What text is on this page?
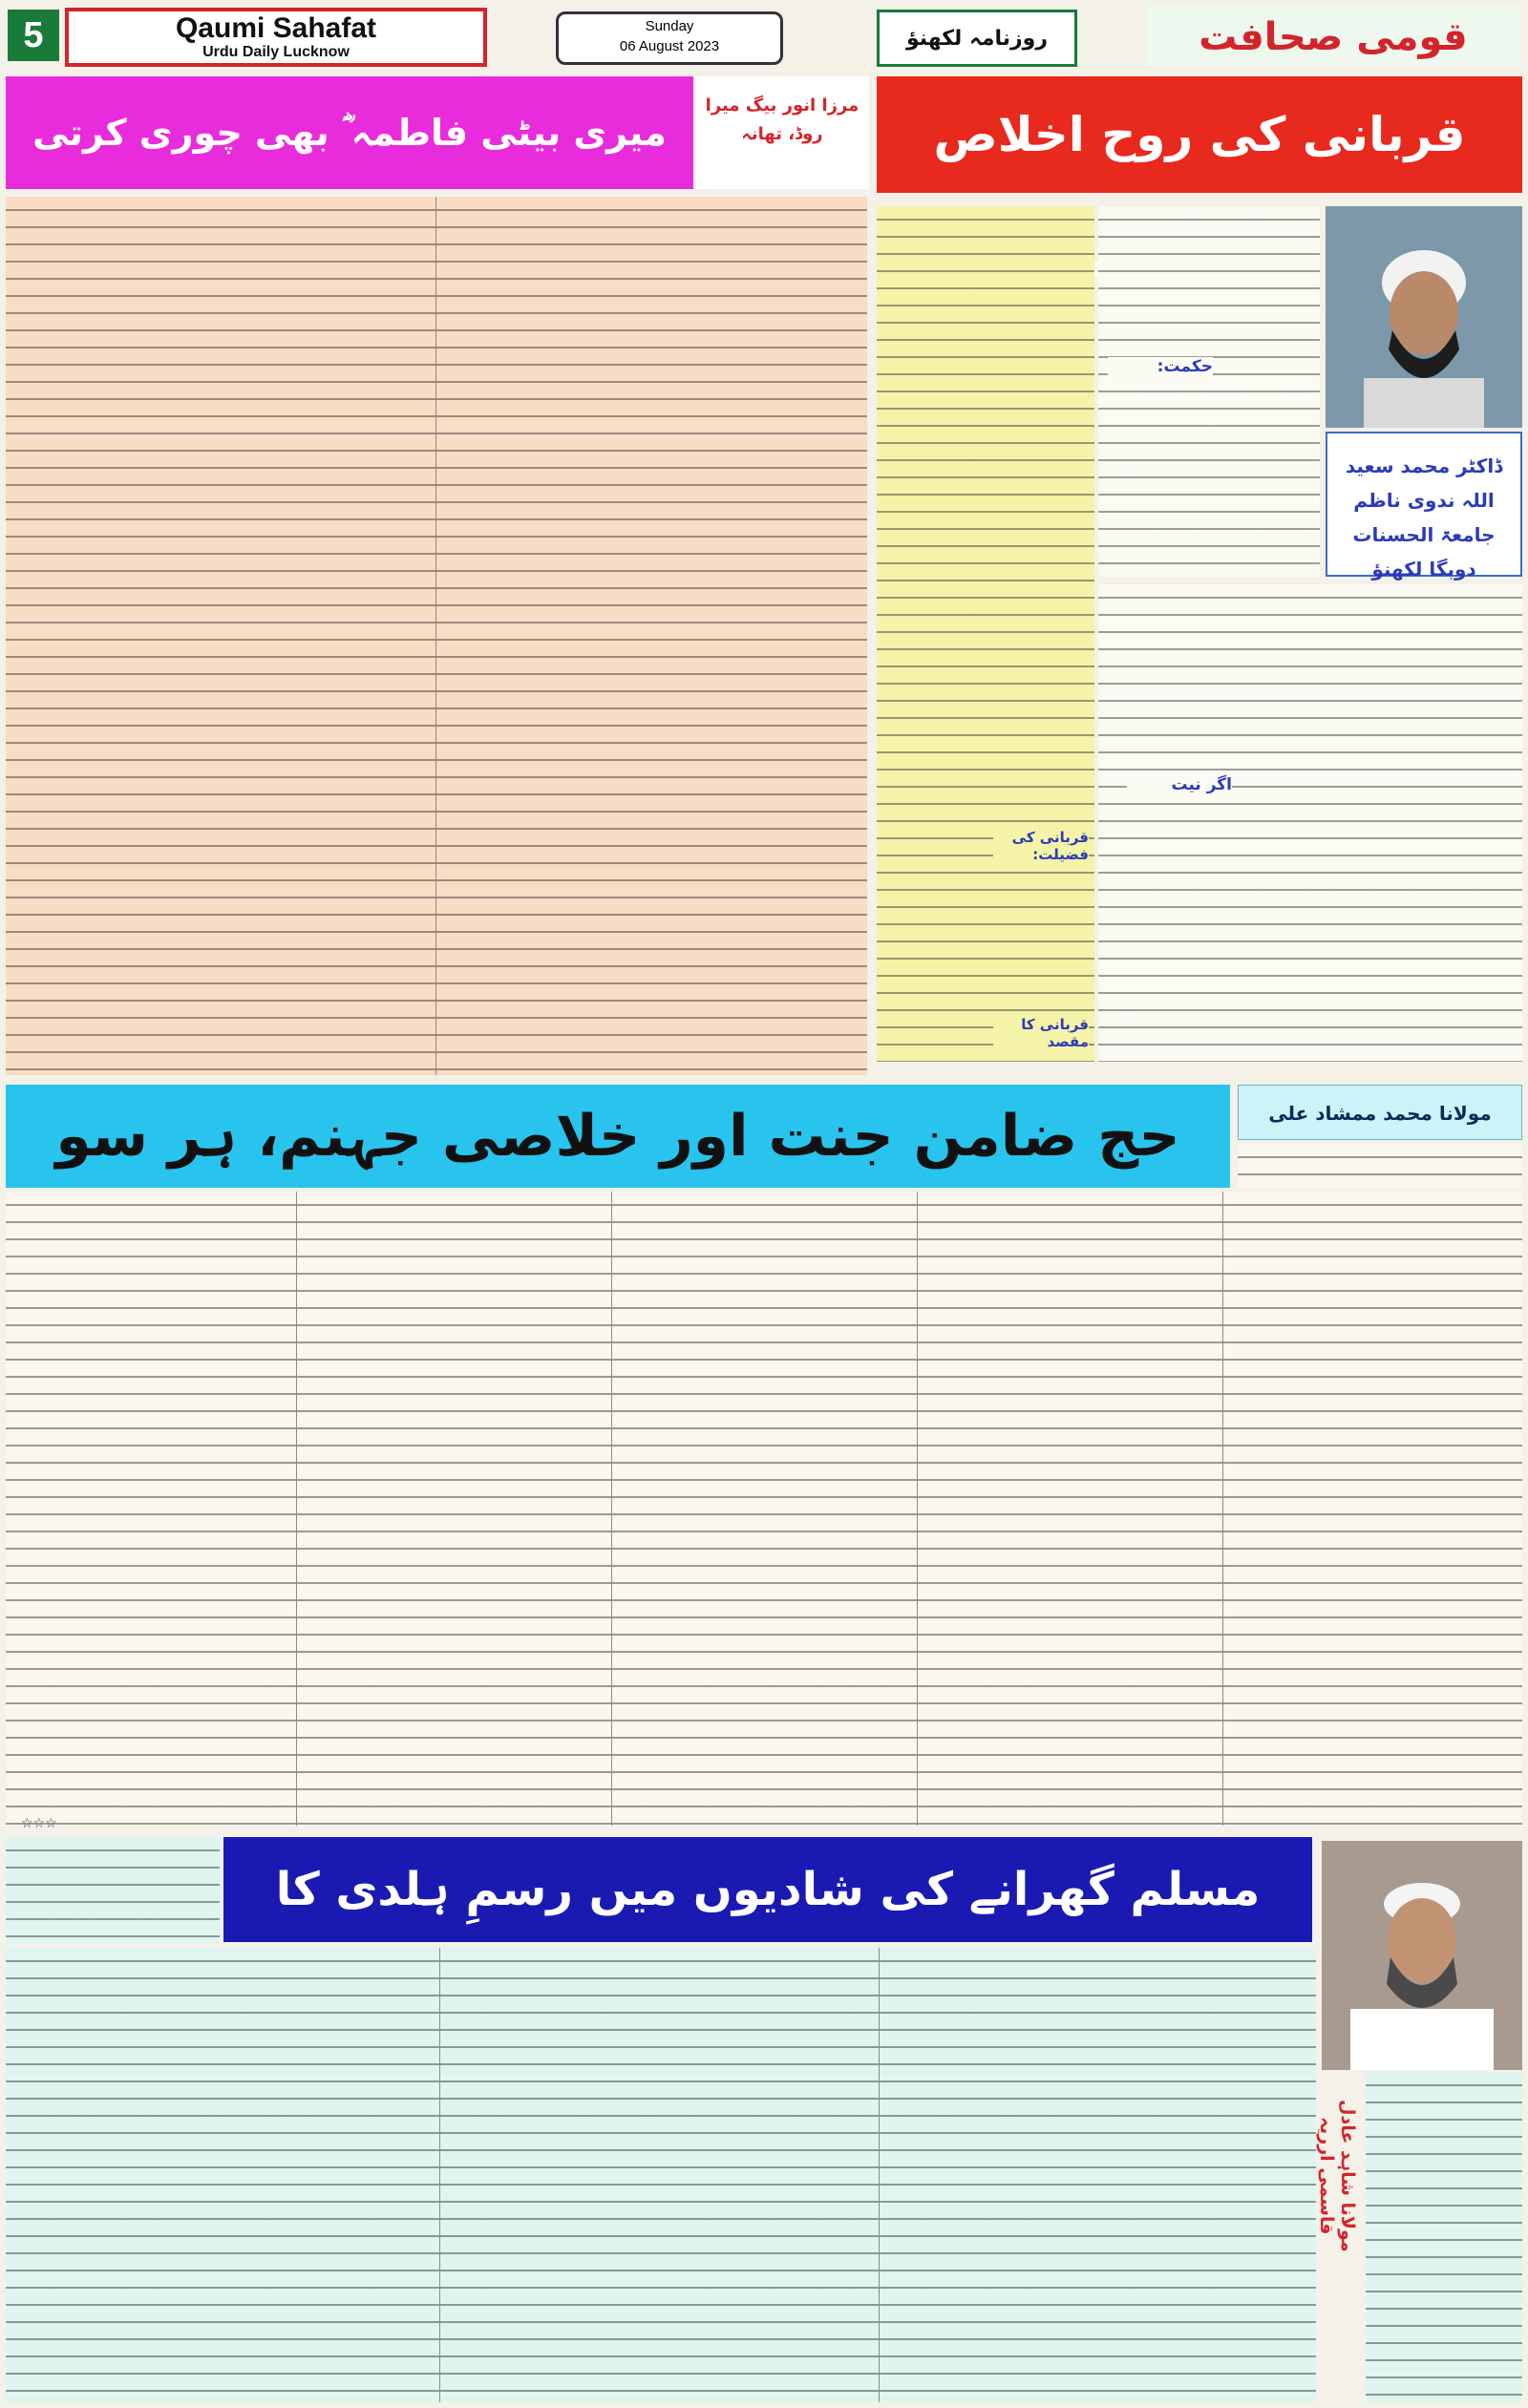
5	Qaumi Sahafat
Urdu Daily Lucknow
Sunday
06 August 2023	روزنامہ لکھنؤ	قومی صحافت
قربانی کی روح اخلاص
ڈاکٹر محمد سعید اللہ ندوی ناظم جامعۃ الحسنات دوبگا لکھنؤ
حکمت:
اگر نیت
قربانی کی فضیلت:
قربانی کا مقصد
میری بیٹی فاطمہ ؓ بھی چوری کرتی
مرزا انور بیگ میرا روڈ، تھانہ
مولانا محمد ممشاد علی
حج ضامن جنت اور خلاصی جہنم، ہر سو
☆☆☆
مسلم گھرانے کی شادیوں میں رسمِ ہلدی کا
مولانا شاہد عادل قاسمی ارریہ
